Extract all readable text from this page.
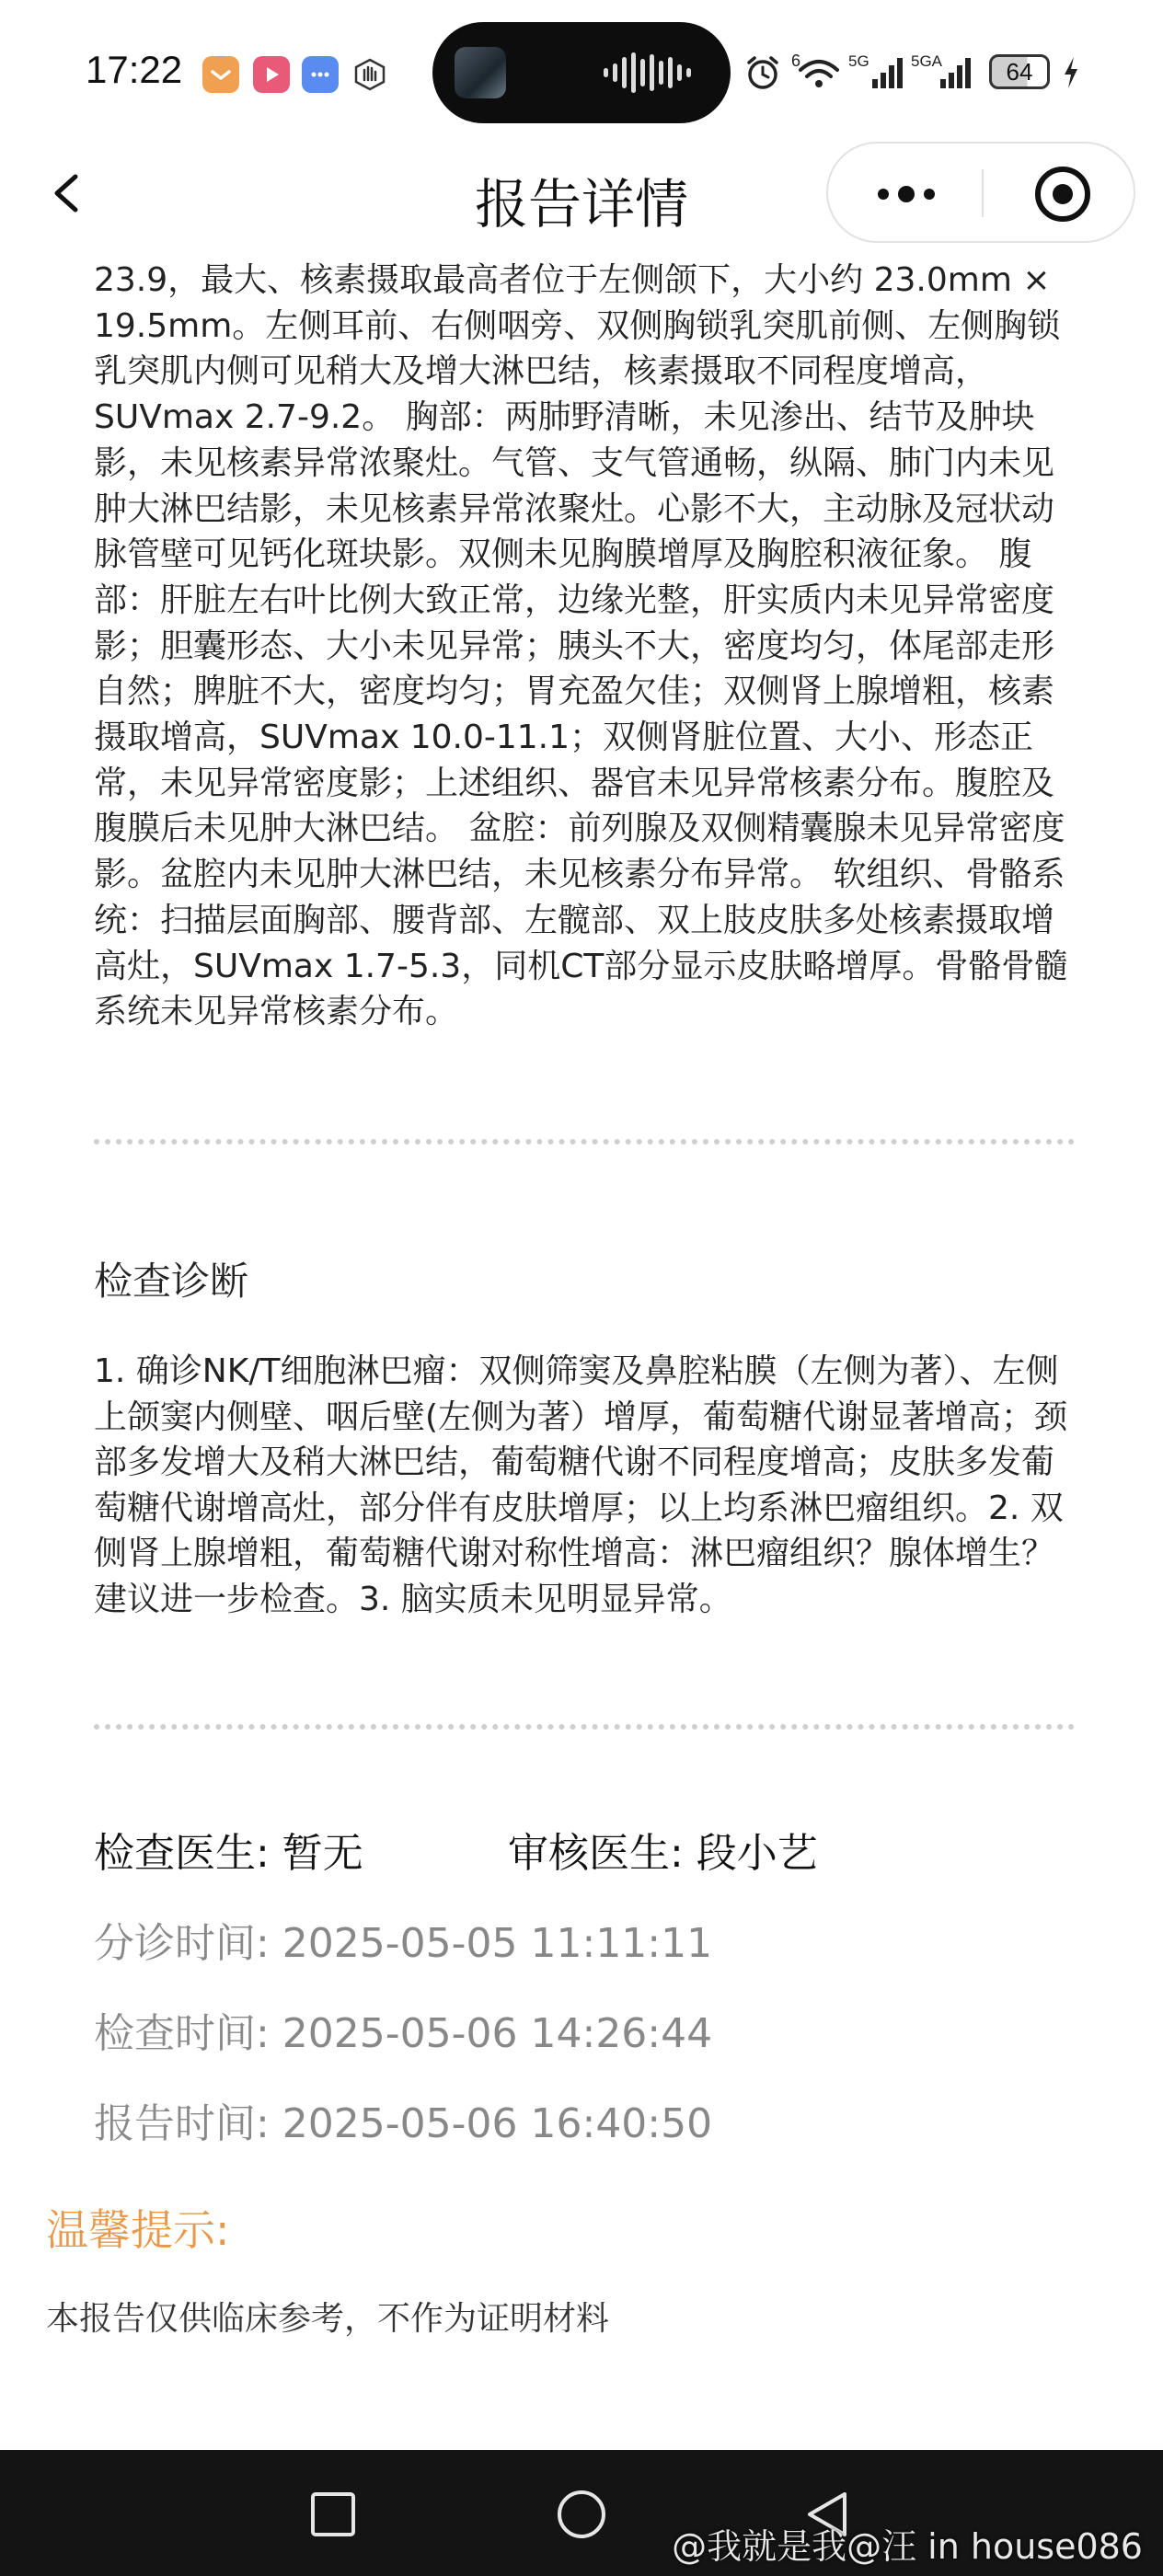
17:22	6	5G	5GA	64
报告详情

23.9，最大、核素摄取最高者位于左侧颌下，大小约 23.0mm × 19.5mm。左侧耳前、右侧咽旁、双侧胸锁乳突肌前侧、左侧胸锁乳突肌内侧可见稍大及增大淋巴结，核素摄取不同程度增高，SUVmax 2.7-9.2。 胸部：两肺野清晰，未见渗出、结节及肿块影，未见核素异常浓聚灶。气管、支气管通畅，纵隔、肺门内未见肿大淋巴结影，未见核素异常浓聚灶。心影不大，主动脉及冠状动脉管壁可见钙化斑块影。双侧未见胸膜增厚及胸腔积液征象。 腹部：肝脏左右叶比例大致正常，边缘光整，肝实质内未见异常密度影；胆囊形态、大小未见异常；胰头不大，密度均匀，体尾部走形自然；脾脏不大，密度均匀；胃充盈欠佳；双侧肾上腺增粗，核素摄取增高，SUVmax 10.0-11.1；双侧肾脏位置、大小、形态正常，未见异常密度影；上述组织、器官未见异常核素分布。腹腔及腹膜后未见肿大淋巴结。 盆腔：前列腺及双侧精囊腺未见异常密度影。盆腔内未见肿大淋巴结，未见核素分布异常。 软组织、骨骼系统：扫描层面胸部、腰背部、左髋部、双上肢皮肤多处核素摄取增高灶，SUVmax 1.7-5.3，同机CT部分显示皮肤略增厚。骨骼骨髓系统未见异常核素分布。

检查诊断

1. 确诊NK/T细胞淋巴瘤：双侧筛窦及鼻腔粘膜（左侧为著）、左侧上颌窦内侧壁、咽后壁(左侧为著）增厚，葡萄糖代谢显著增高；颈部多发增大及稍大淋巴结，葡萄糖代谢不同程度增高；皮肤多发葡萄糖代谢增高灶，部分伴有皮肤增厚；以上均系淋巴瘤组织。2. 双侧肾上腺增粗，葡萄糖代谢对称性增高：淋巴瘤组织？腺体增生？建议进一步检查。3. 脑实质未见明显异常。

检查医生: 暂无	审核医生: 段小艺
分诊时间: 2025-05-05 11:11:11
检查时间: 2025-05-06 14:26:44
报告时间: 2025-05-06 16:40:50
温馨提示:
本报告仅供临床参考，不作为证明材料
@我就是我@汪 in house086
